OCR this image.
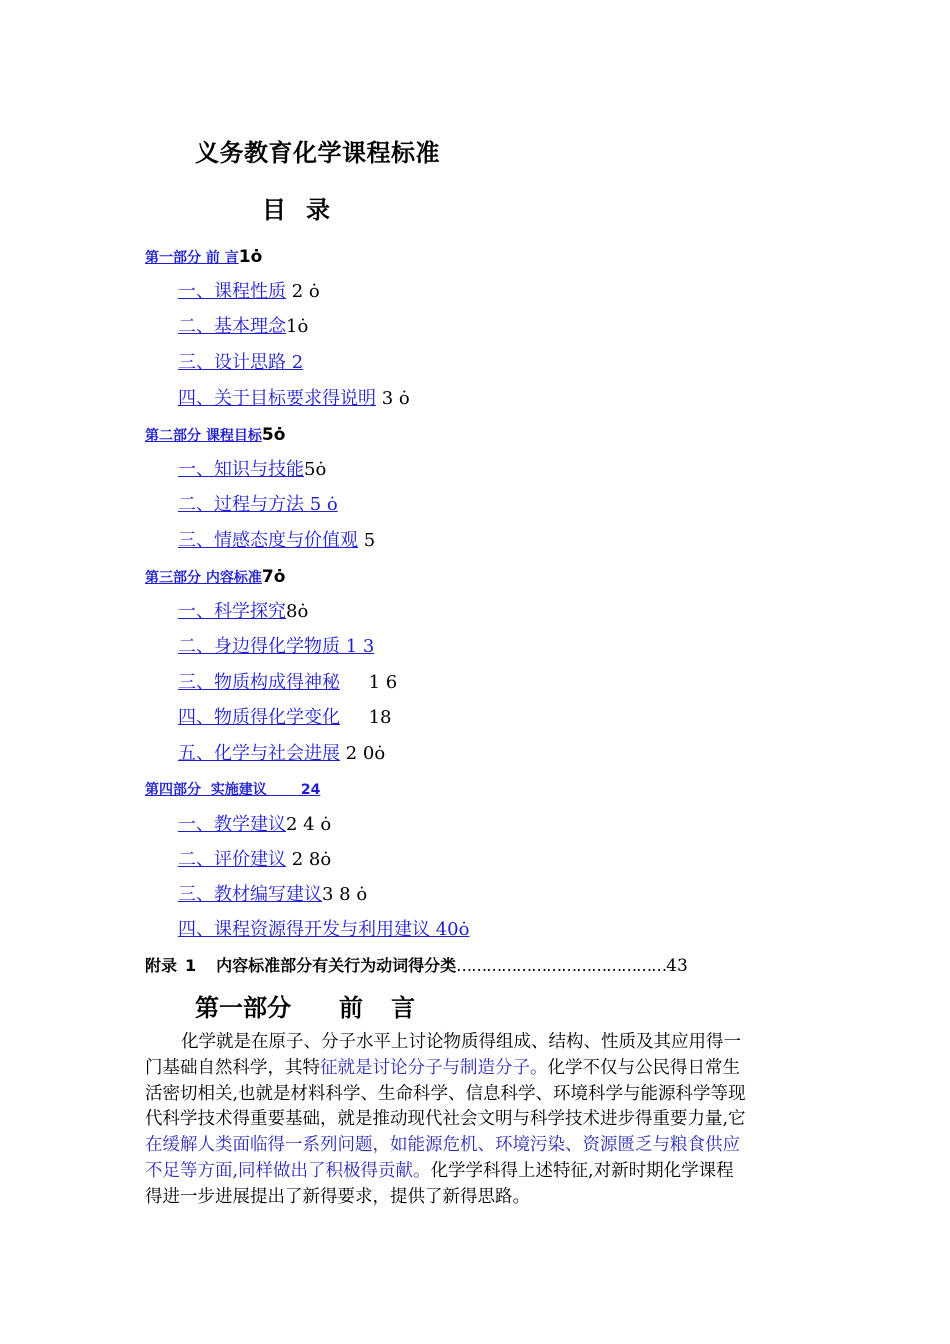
义务教育化学课程标准
目 录
第一部分 前 言1ȯ
一、课程性质 2 ȯ
二、基本理念1ȯ
三、设计思路 2
四、关于目标要求得说明 3 ȯ
第二部分 课程目标5ȯ
一、知识与技能5ȯ
二、过程与方法 5 ȯ
三、情感态度与价值观 5
第三部分 内容标准7ȯ
一、科学探究8ȯ
二、身边得化学物质 1 3
三、物质构成得神秘     1 6
四、物质得化学变化     18
五、化学与社会进展 2 0ȯ
第四部分  实施建议       24
一、教学建议2 4 ȯ
二、评价建议 2 8ȯ
三、教材编写建议3 8 ȯ
四、课程资源得开发与利用建议 40ȯ
附录 1 内容标准部分有关行为动词得分类……………………………………43
第一部分 前 言
化学就是在原子、分子水平上讨论物质得组成、结构、性质及其应用得一
门基础自然科学，其特征就是讨论分子与制造分子。化学不仅与公民得日常生
活密切相关,也就是材料科学、生命科学、信息科学、环境科学与能源科学等现
代科学技术得重要基础，就是推动现代社会文明与科学技术进步得重要力量,它
在缓解人类面临得一系列问题，如能源危机、环境污染、资源匮乏与粮食供应
不足等方面,同样做出了积极得贡献。化学学科得上述特征,对新时期化学课程
得进一步进展提出了新得要求，提供了新得思路。
